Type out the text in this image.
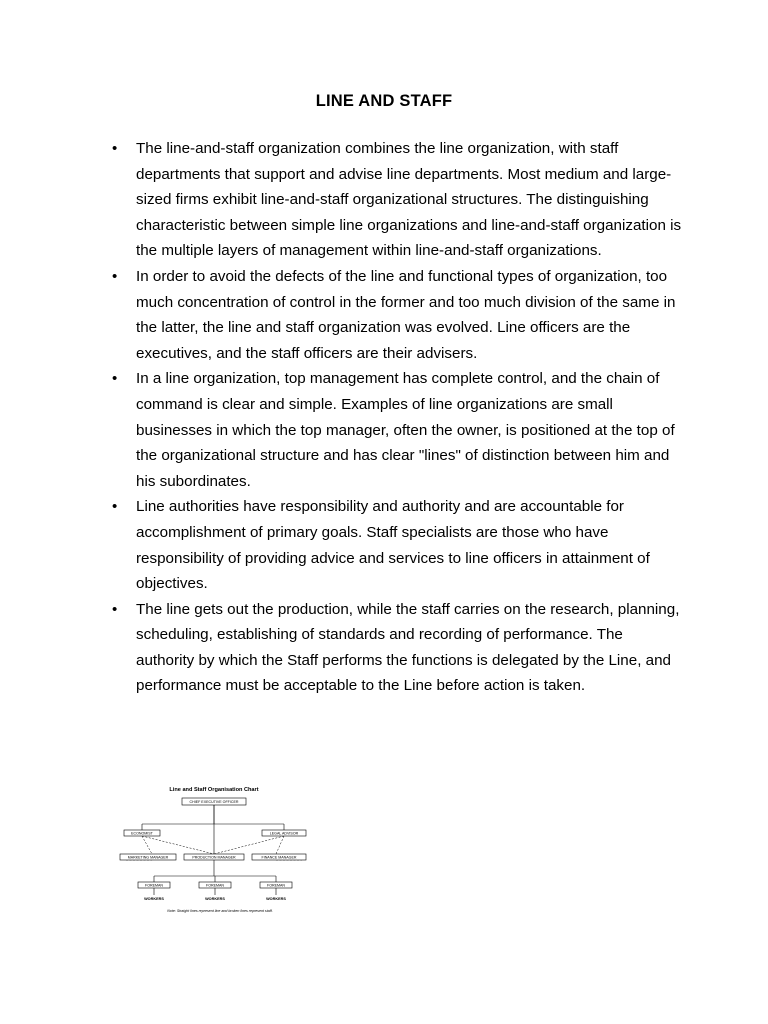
LINE AND STAFF
• The line-and-staff organization combines the line organization, with staff departments that support and advise line departments. Most medium and large-sized firms exhibit line-and-staff organizational structures. The distinguishing characteristic between simple line organizations and line-and-staff organization is the multiple layers of management within line-and-staff organizations.
• In order to avoid the defects of the line and functional types of organization, too much concentration of control in the former and too much division of the same in the latter, the line and staff organization was evolved. Line officers are the executives, and the staff officers are their advisers.
• In a line organization, top management has complete control, and the chain of command is clear and simple. Examples of line organizations are small businesses in which the top manager, often the owner, is positioned at the top of the organizational structure and has clear "lines" of distinction between him and his subordinates.
• Line authorities have responsibility and authority and are accountable for accomplishment of primary goals. Staff specialists are those who have responsibility of providing advice and services to line officers in attainment of objectives.
• The line gets out the production, while the staff carries on the research, planning, scheduling, establishing of standards and recording of performance. The authority by which the Staff performs the functions is delegated by the Line, and performance must be acceptable to the Line before action is taken.
Line and Staff Organisation Chart
CHIEF EXECUTIVE OFFICER
ECONOMIST	LEGAL ADVISOR
MARKETING MANAGER	PRODUCTION MANAGER	FINANCE MANAGER
FOREMAN	FOREMAN	FOREMAN
WORKERS	WORKERS	WORKERS
Note: Straight lines represent line and broken lines represent staff.
